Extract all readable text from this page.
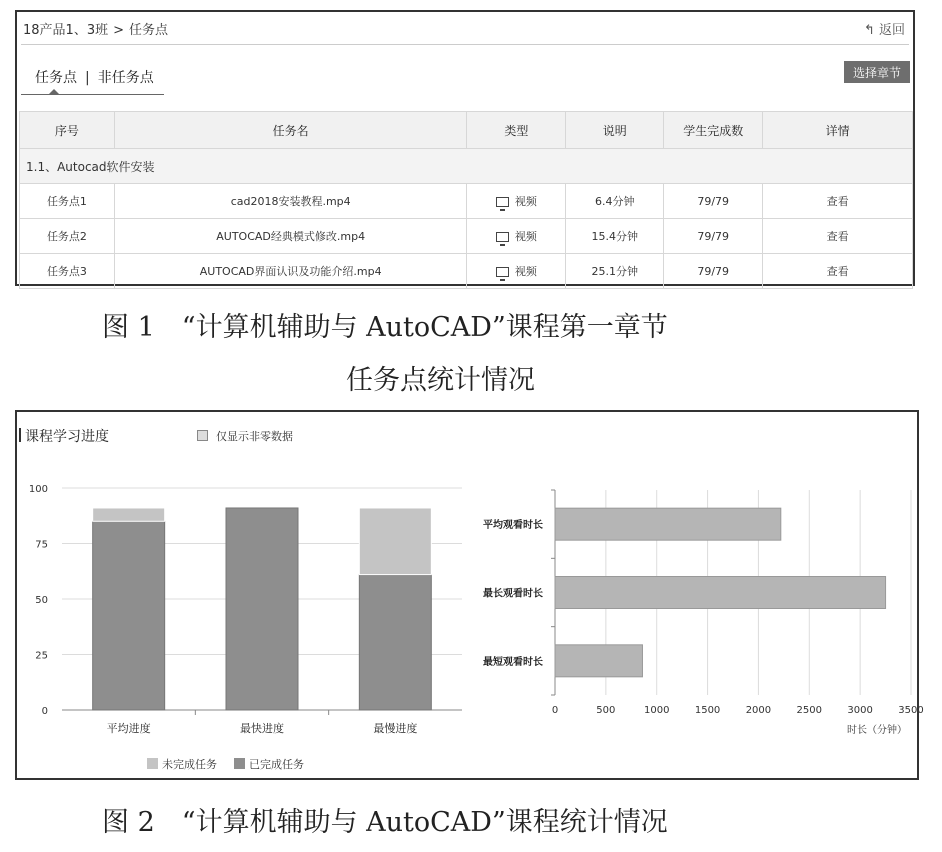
18产品1、3班 > 任务点	↰ 返回
任务点 | 非任务点	选择章节
序号	任务名	类型	说明	学生完成数	详情
1.1、Autocad软件安装					
任务点1	cad2018安装教程.mp4	视频	6.4分钟	79/79	查看
任务点2	AUTOCAD经典模式修改.mp4	视频	15.4分钟	79/79	查看
任务点3	AUTOCAD界面认识及功能介绍.mp4	视频	25.1分钟	79/79	查看
图 1　“计算机辅助与 AutoCAD”课程第一章节
任务点统计情况
课程学习进度	仅显示非零数据
0
25
50
75
100
平均进度	最快进度	最慢进度
未完成任务	已完成任务
0	500	1000	1500	2000	2500	3000	3500
平均观看时长
最长观看时长
最短观看时长
时长（分钟）
图 2　“计算机辅助与 AutoCAD”课程统计情况
